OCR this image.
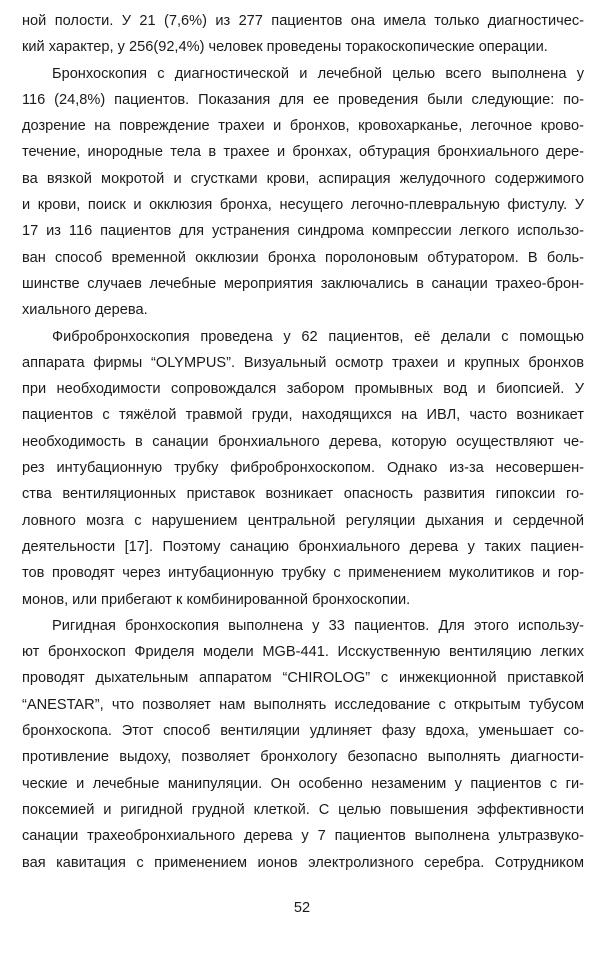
ной полости. У 21 (7,6%) из 277 пациентов она имела только диагностичес-
кий характер, у 256(92,4%) человек проведены торакоскопические операции.
Бронхоскопия с диагностической и лечебной целью всего выполнена у
116 (24,8%) пациентов. Показания для ее проведения были следующие: по-
дозрение на повреждение трахеи и бронхов, кровохарканье, легочное крово-
течение, инородные тела в трахее и бронхах, обтурация бронхиального дере-
ва вязкой мокротой и сгустками крови, аспирация желудочного содержимого
и крови, поиск и окклюзия бронха, несущего легочно-плевральную фистулу. У
17 из 116 пациентов для устранения синдрома компрессии легкого использо-
ван способ временной окклюзии бронха поролоновым обтуратором. В боль-
шинстве случаев лечебные мероприятия заключались в санации трахео-брон-
хиального дерева.
Фибробронхоскопия проведена у 62 пациентов, её делали с помощью
аппарата фирмы “OLYMPUS”. Визуальный осмотр трахеи и крупных бронхов
при необходимости сопровождался забором промывных вод и биопсией. У
пациентов с тяжёлой травмой груди, находящихся на ИВЛ, часто возникает
необходимость в санации бронхиального дерева, которую осуществляют че-
рез интубационную трубку фибробронхоскопом. Однако из-за несовершен-
ства вентиляционных приставок возникает опасность развития гипоксии го-
ловного мозга с нарушением центральной регуляции дыхания и сердечной
деятельности [17]. Поэтому санацию бронхиального дерева у таких пациен-
тов проводят через интубационную трубку с применением муколитиков и гор-
монов, или прибегают к комбинированной бронхоскопии.
Ригидная бронхоскопия выполнена у 33 пациентов. Для этого использу-
ют бронхоскоп Фриделя модели MGB-441. Исскуственную вентиляцию легких
проводят дыхательным аппаратом “CHIROLOG” с инжекционной приставкой
“ANESTAR”, что позволяет нам выполнять исследование с открытым тубусом
бронхоскопа. Этот способ вентиляции удлиняет фазу вдоха, уменьшает со-
противление выдоху, позволяет бронхологу безопасно выполнять диагности-
ческие и лечебные манипуляции. Он особенно незаменим у пациентов с ги-
поксемией и ригидной грудной клеткой. С целью повышения эффективности
санации трахеобронхиального дерева у 7 пациентов выполнена ультразвуко-
вая кавитация с применением ионов электролизного серебра. Сотрудником
52
